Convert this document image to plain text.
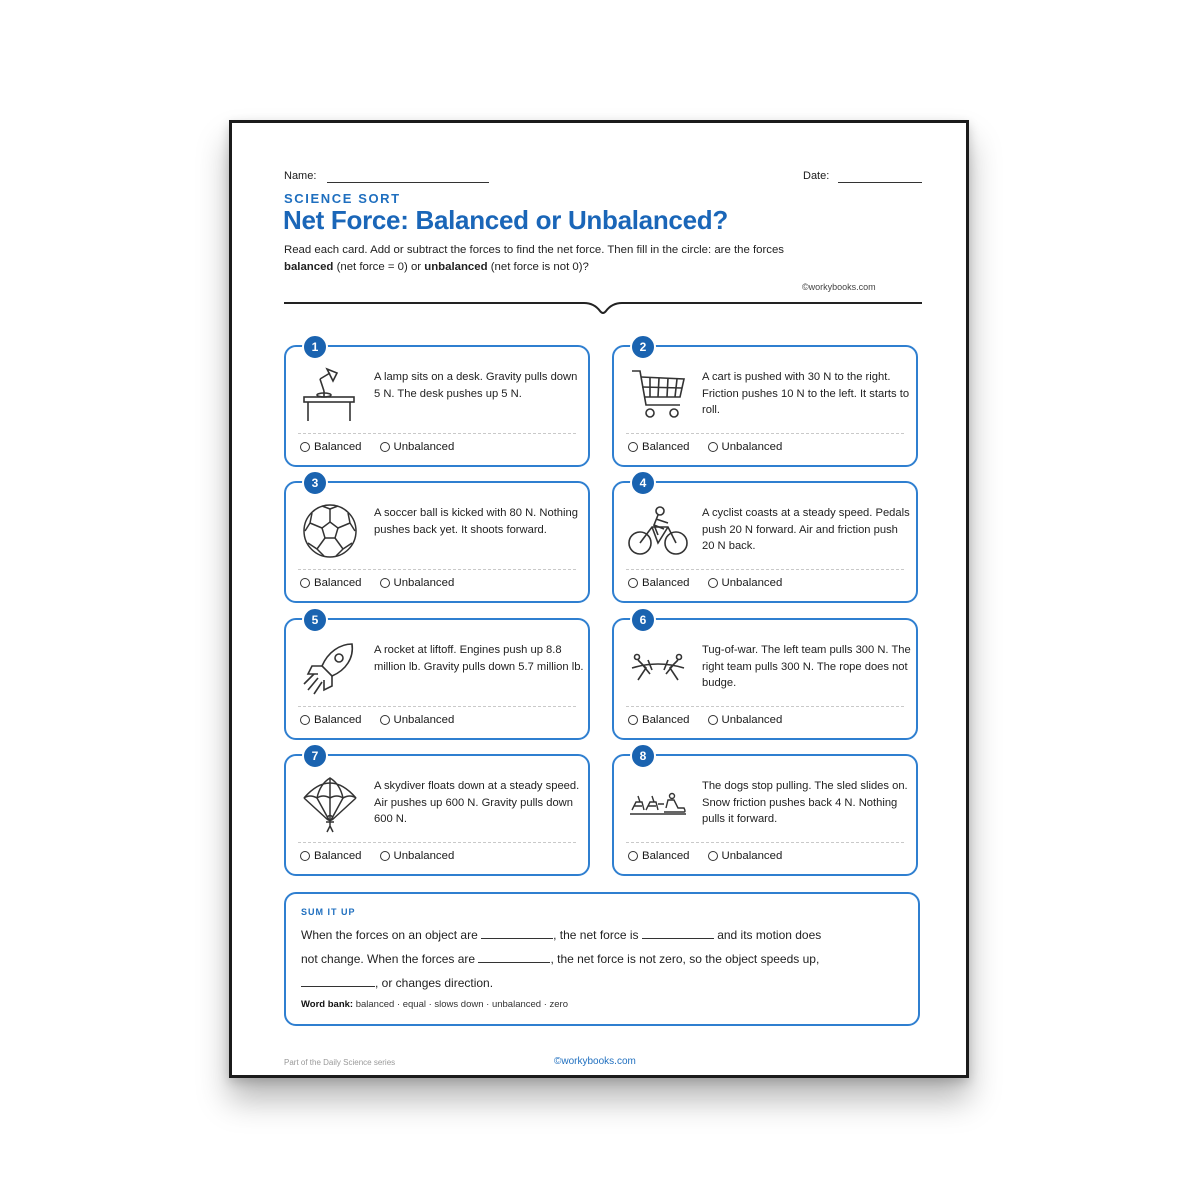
Name:	Date:
SCIENCE SORT
Net Force: Balanced or Unbalanced?
Read each card. Add or subtract the forces to find the net force. Then fill in the circle: are the forces
balanced (net force = 0) or unbalanced (net force is not 0)?
©workybooks.com
1
A lamp sits on a desk. Gravity pulls down 5 N. The desk pushes up 5 N.
Balanced	Unbalanced
2
A cart is pushed with 30 N to the right. Friction pushes 10 N to the left. It starts to roll.
Balanced	Unbalanced
3
A soccer ball is kicked with 80 N. Nothing pushes back yet. It shoots forward.
Balanced	Unbalanced
4
A cyclist coasts at a steady speed. Pedals push 20 N forward. Air and friction push 20 N back.
Balanced	Unbalanced
5
A rocket at liftoff. Engines push up 8.8 million lb. Gravity pulls down 5.7 million lb.
Balanced	Unbalanced
6
Tug-of-war. The left team pulls 300 N. The right team pulls 300 N. The rope does not budge.
Balanced	Unbalanced
7
A skydiver floats down at a steady speed. Air pushes up 600 N. Gravity pulls down 600 N.
Balanced	Unbalanced
8
The dogs stop pulling. The sled slides on. Snow friction pushes back 4 N. Nothing pulls it forward.
Balanced	Unbalanced
SUM IT UP
When the forces on an object are	, the net force is	and its motion does
not change. When the forces are	, the net force is not zero, so the object speeds up,
, or changes direction.
Word bank: balanced · equal · slows down · unbalanced · zero
Part of the Daily Science series	©workybooks.com
